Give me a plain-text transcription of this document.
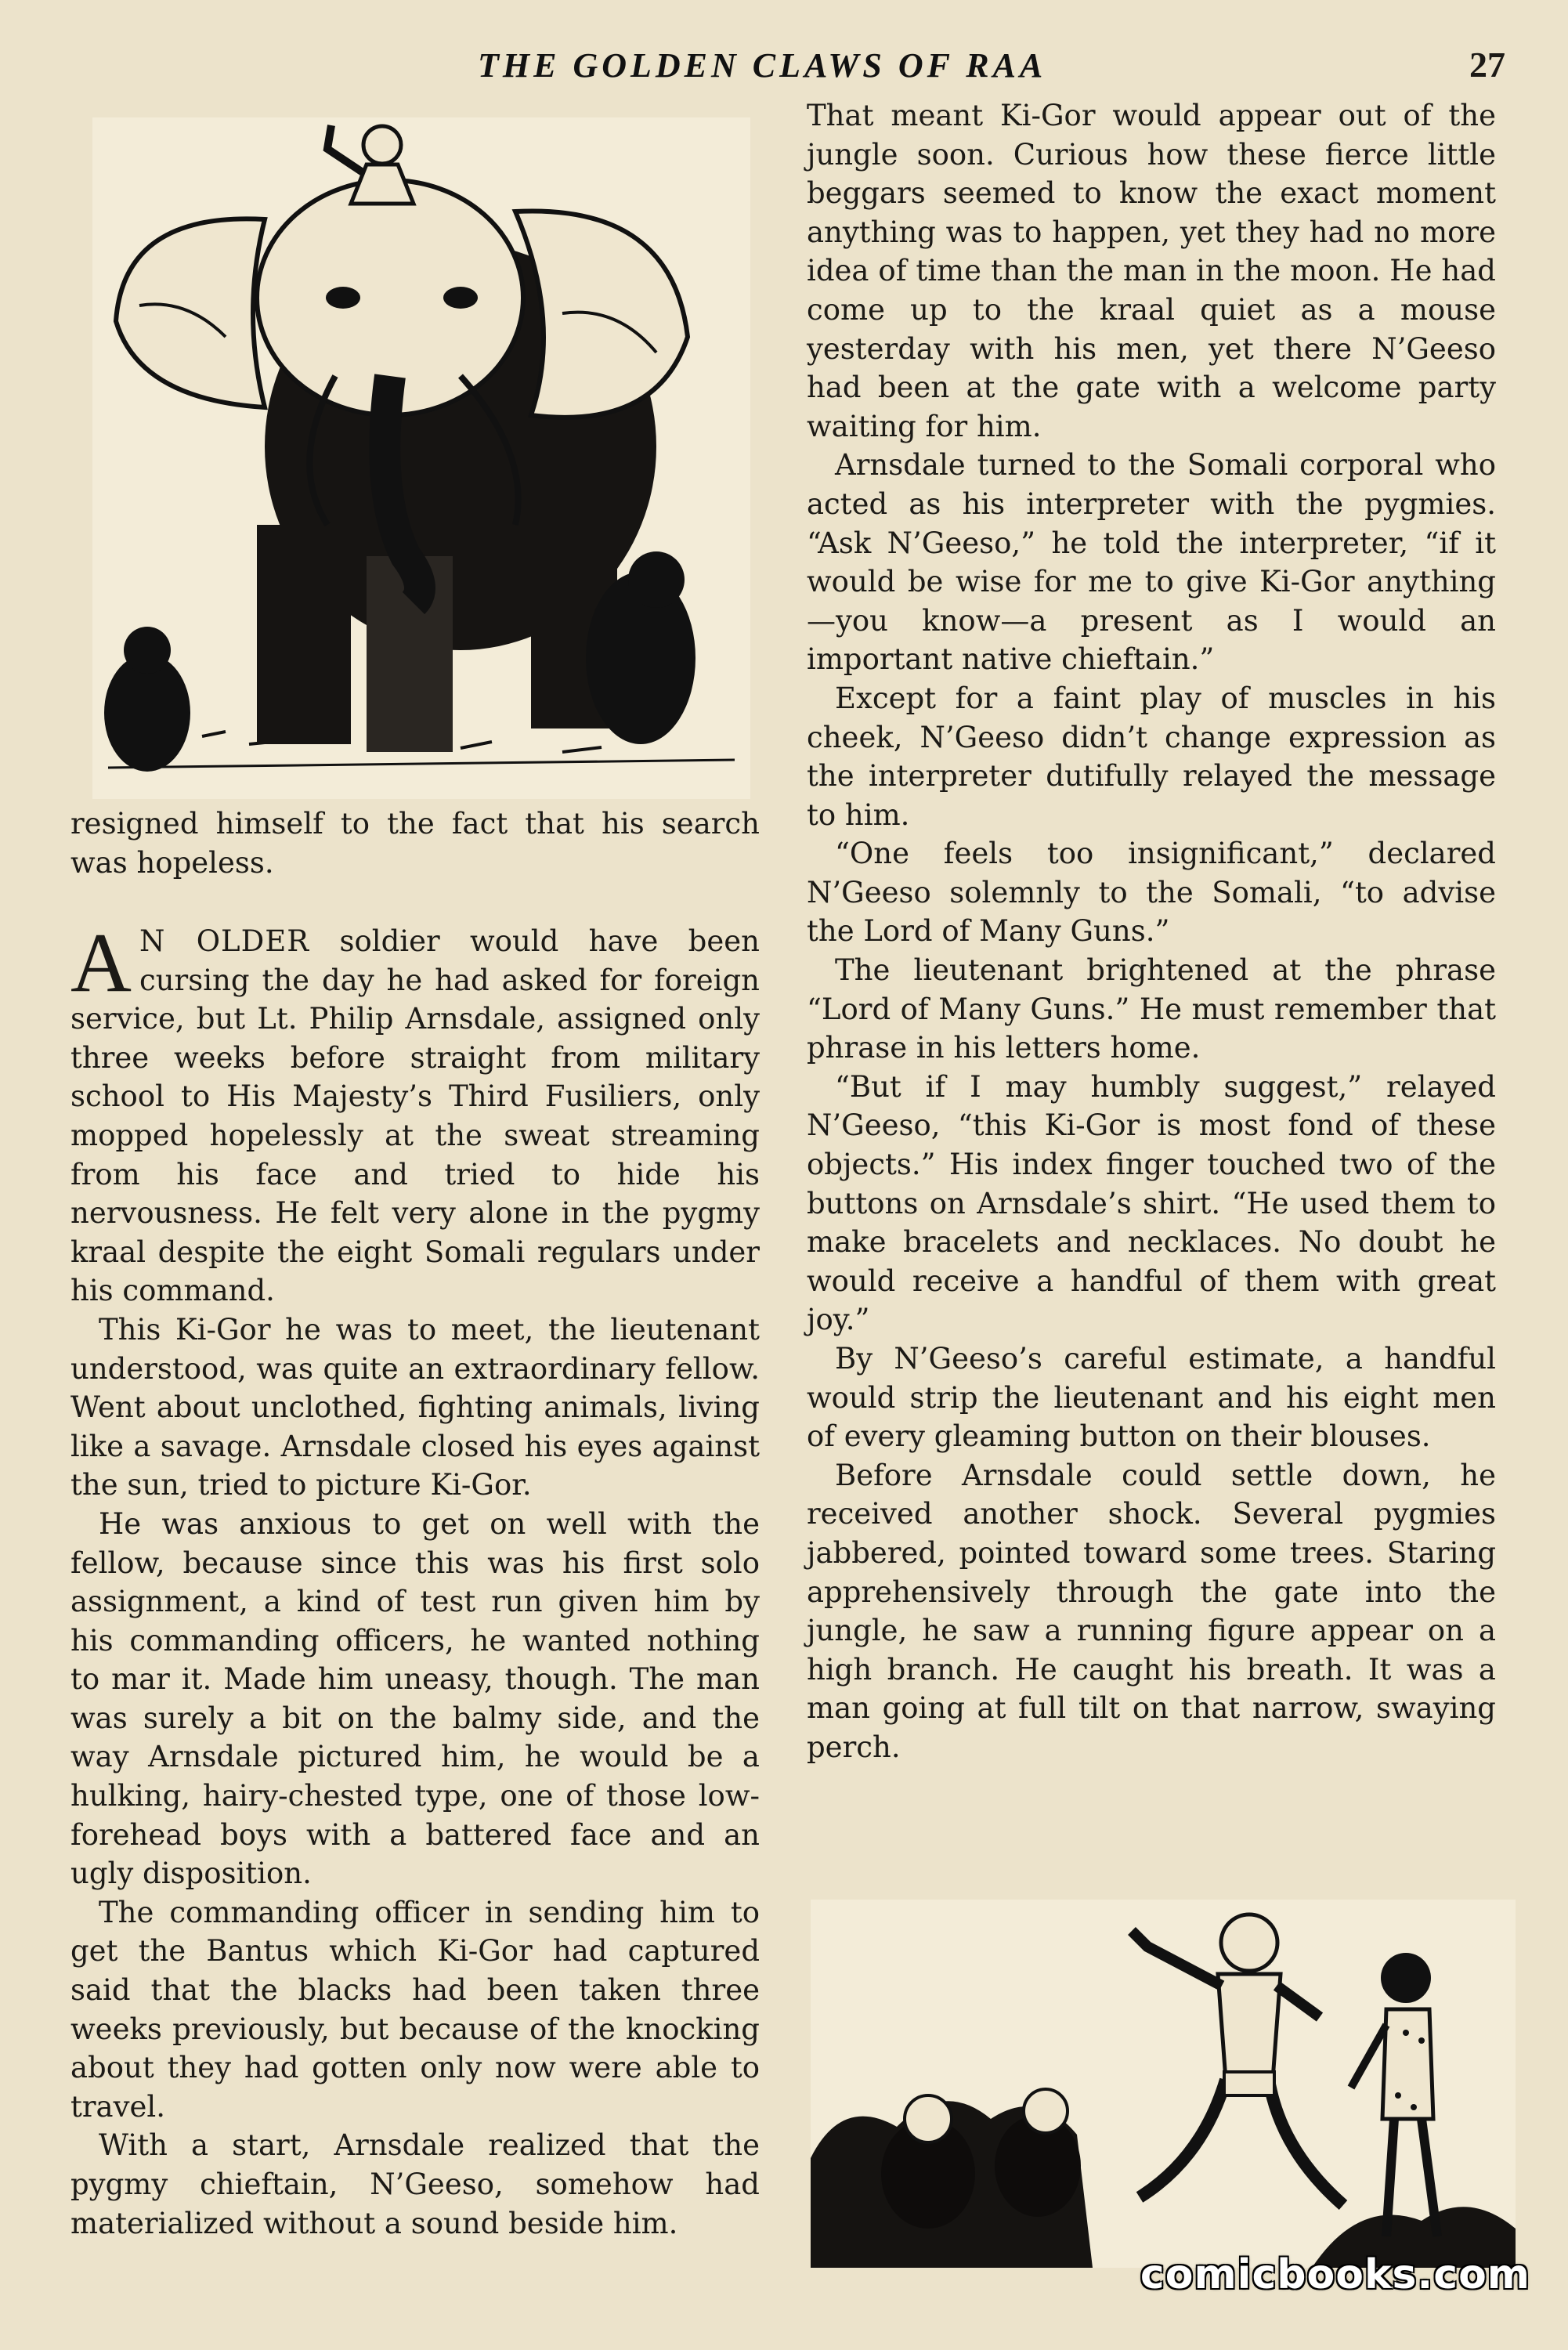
THE GOLDEN CLAWS OF RAA	27

resigned himself to the fact that his search was hopeless.

A N OLDER soldier would have been cursing the day he had asked for foreign service, but Lt. Philip Arnsdale, assigned only three weeks before straight from military school to His Majesty’s Third Fusiliers, only mopped hopelessly at the sweat streaming from his face and tried to hide his nervousness. He felt very alone in the pygmy kraal despite the eight Somali regulars under his command.

This Ki-Gor he was to meet, the lieutenant understood, was quite an extraordinary fellow. Went about unclothed, fighting animals, living like a savage. Arnsdale closed his eyes against the sun, tried to picture Ki-Gor.

He was anxious to get on well with the fellow, because since this was his first solo assignment, a kind of test run given him by his commanding officers, he wanted nothing to mar it. Made him uneasy, though. The man was surely a bit on the balmy side, and the way Arnsdale pictured him, he would be a hulking, hairy-chested type, one of those low-forehead boys with a battered face and an ugly disposition.

The commanding officer in sending him to get the Bantus which Ki-Gor had captured said that the blacks had been taken three weeks previously, but because of the knocking about they had gotten only now were able to travel.

With a start, Arnsdale realized that the pygmy chieftain, N’Geeso, somehow had materialized without a sound beside him.

That meant Ki-Gor would appear out of the jungle soon. Curious how these fierce little beggars seemed to know the exact moment anything was to happen, yet they had no more idea of time than the man in the moon. He had come up to the kraal quiet as a mouse yesterday with his men, yet there N’Geeso had been at the gate with a welcome party waiting for him.

Arnsdale turned to the Somali corporal who acted as his interpreter with the pygmies. “Ask N’Geeso,” he told the interpreter, “if it would be wise for me to give Ki-Gor anything—you know—a present as I would an important native chieftain.”

Except for a faint play of muscles in his cheek, N’Geeso didn’t change expression as the interpreter dutifully relayed the message to him.

“One feels too insignificant,” declared N’Geeso solemnly to the Somali, “to advise the Lord of Many Guns.”

The lieutenant brightened at the phrase “Lord of Many Guns.” He must remember that phrase in his letters home.

“But if I may humbly suggest,” relayed N’Geeso, “this Ki-Gor is most fond of these objects.” His index finger touched two of the buttons on Arnsdale’s shirt. “He used them to make bracelets and necklaces. No doubt he would receive a handful of them with great joy.”

By N’Geeso’s careful estimate, a handful would strip the lieutenant and his eight men of every gleaming button on their blouses.

Before Arnsdale could settle down, he received another shock. Several pygmies jabbered, pointed toward some trees. Staring apprehensively through the gate into the jungle, he saw a running figure appear on a high branch. He caught his breath. It was a man going at full tilt on that narrow, swaying perch.

comicbooks.com
